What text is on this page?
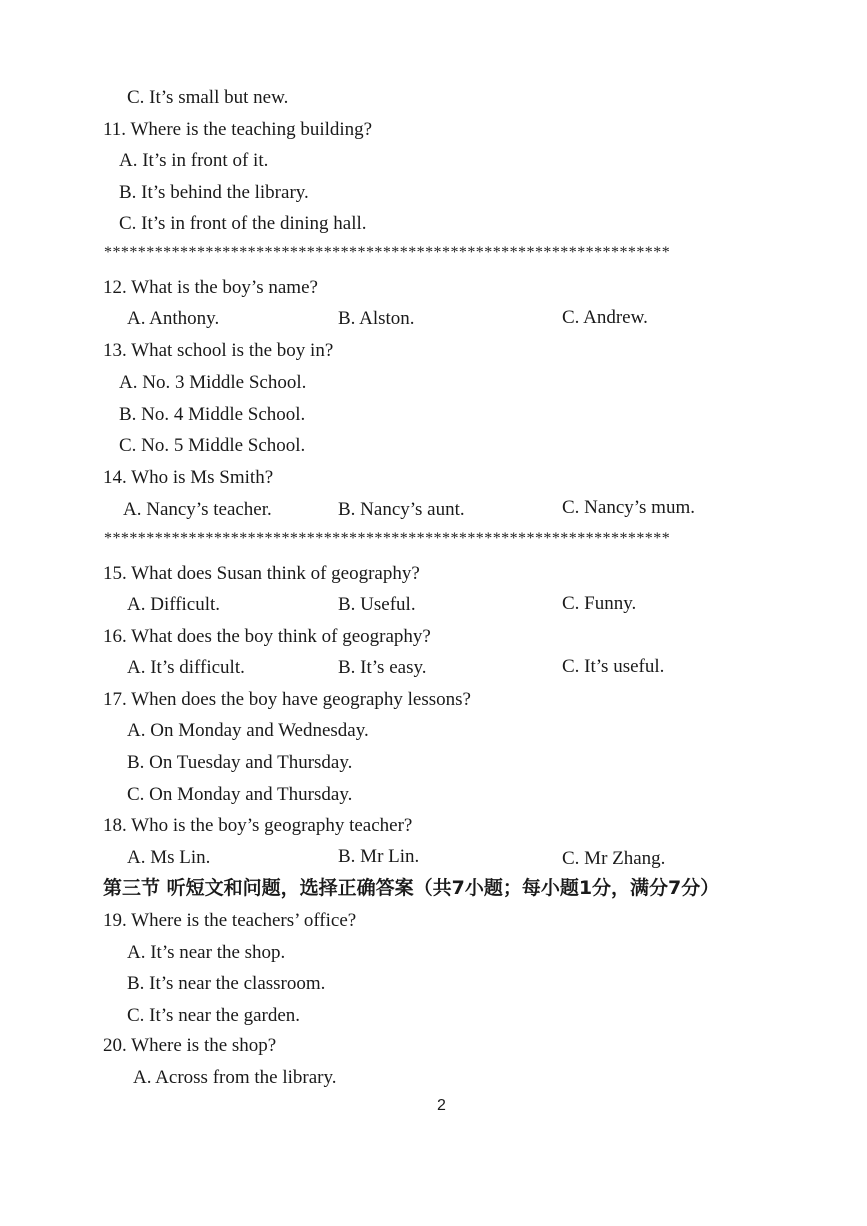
C. It’s small but new.
11. Where is the teaching building?
A. It’s in front of it.
B. It’s behind the library.
C. It’s in front of the dining hall.
*******************************************************************
12. What is the boy’s name?
A. Anthony.	B. Alston.	C. Andrew.
13. What school is the boy in?
A. No. 3 Middle School.
B. No. 4 Middle School.
C. No. 5 Middle School.
14. Who is Ms Smith?
A. Nancy’s teacher.	B. Nancy’s aunt.	C. Nancy’s mum.
*******************************************************************
15. What does Susan think of geography?
A. Difficult.	B. Useful.	C. Funny.
16. What does the boy think of geography?
A. It’s difficult.	B. It’s easy.	C. It’s useful.
17. When does the boy have geography lessons?
A. On Monday and Wednesday.
B. On Tuesday and Thursday.
C. On Monday and Thursday.
18. Who is the boy’s geography teacher?
A. Ms Lin.	B. Mr Lin.	C. Mr Zhang.
第三节 听短文和问题，选择正确答案（共7小题；每小题1分，满分7分）
19. Where is the teachers’ office?
A. It’s near the shop.
B. It’s near the classroom.
C. It’s near the garden.
20. Where is the shop?
A. Across from the library.
2
